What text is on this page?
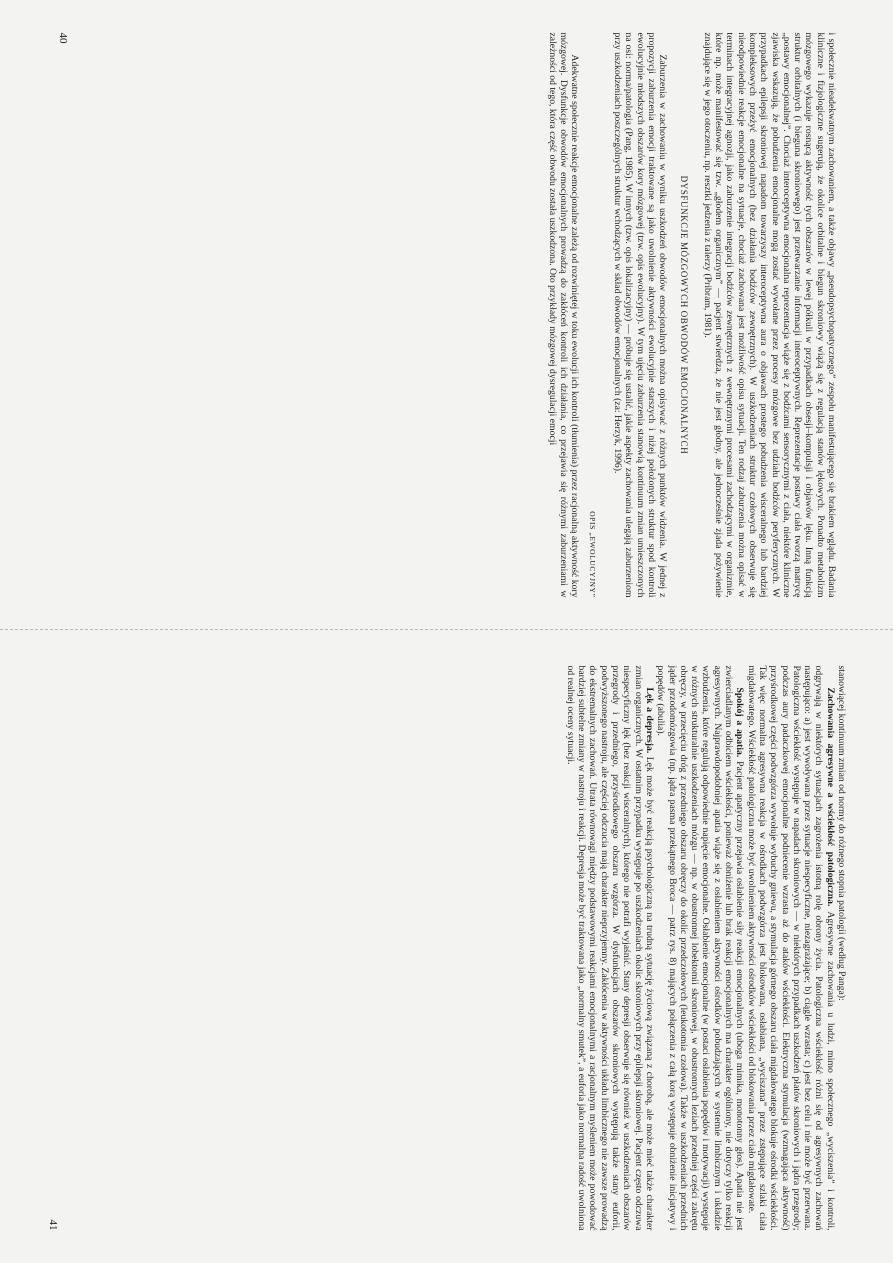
i społecznie nieadekwatnym zachowaniem, a także objawy „pseudopsychopatycznego” zespołu manifestującego się brakiem wglądu. Badania kliniczne i fizjologiczne sugerują, że okolice orbitalne i biegun skroniowy wiążą się z regulacją stanów lękowych. Ponadto metabolizm mózgowego wykazuje rosnącą aktywność tych obszarów w lewej półkuli w przypadkach obsesji–kompulsji i objawów lęku. Inną funkcją struktur orbitalnych (i bieguna skroniowego) jest przetwarzanie informacji interoceptywnych. Reprezentacje postawy ciała tworzą matrycę „postawy emocjonalnej”. Chociaż interoceptywna emocjonalna reprezentacja wiąże się z bodźcami sensorycznymi z ciała, niektóre kliniczne zjawiska wskazują, że pobudzenia emocjonalne mogą zostać wywołane przez procesy mózgowe bez udziału bodźców peryferycznych. W przypadkach epilepsji skroniowej napadom towarzyszy interoceptywna aura o objawach prostego pobudzenia wisceralnego lub bardziej kompleksowych przeżyć emocjonalnych (bez działania bodźców zewnętrznych). W uszkodzeniach struktur czołowych obserwuje się nieodpowiednie reakcje emocjonalne na sytuacje, chociaż zachowana jest możliwość opisu sytuacji. Ten rodzaj zaburzenia można opisać w terminach integracyjnej agnozji, jako zaburzenie integracji bodźców zewnętrznych z wewnętrznymi procesami zachodzącymi w organizmie, które np. może manifestować się tzw. „głodem organicznym” — pacjent stwierdza, że nie jest głodny, ale jednocześnie zjada pożywienie znajdujące się w jego otoczeniu, np. resztki jedzenia z talerzy (Pribram, 1981).

DYSFUNKCJE MÓZGOWYCH OBWODÓW EMOCJONALNYCH

Zaburzenia w zachowaniu w wyniku uszkodzeń obwodów emocjonalnych można opisywać z różnych punktów widzenia. W jednej z propozycji zaburzenia emocji traktowane są jako uwolnienie aktywności ewolucyjnie starszych i niżej położonych struktur spod kontroli ewolucyjnie młodszych obszarów kory mózgowej (tzw. opis ewolucyjny). W tym ujęciu zaburzenia stanowią kontinuum zmian umieszczonych na osi: norma/patologia (Pang, 1985). W innych (tzw. opis lokalizacyjny) — próbuje się ustalić, jakie aspekty zachowania ulegają zaburzeniom przy uszkodzeniach poszczególnych struktur wchodzących w skład obwodów emocjonalnych (za: Herzyk, 1996).

OPIS „EWOLUCYJNY”

Adekwatne społecznie reakcje emocjonalne zależą od rozwiniętej w toku ewolucji ich kontroli (tłumienia) przez racjonalną aktywność kory mózgowej. Dysfunkcje obwodów emocjonalnych prowadzą do zakłóceń kontroli ich działania, co przejawia się różnymi zaburzeniami w zależności od tego, która część obwodu została uszkodzona. Oto przykłady mózgowej dysregulacji emocji

40

stanowiącej kontinuum zmian od normy do różnego stopnia patologii (według Panga):

Zachowania agresywne a wściekłość patologiczna. Agresywne zachowania u ludzi, mimo społecznego „wyciszenia” i kontroli, odgrywają w niektórych sytuacjach zagrożenia istotną rolę obrony życia. Patologiczna wściekłość różni się od agresywnych zachowań następująco: a) jest wywoływana przez sytuacje niespecyficzne, niezagrażające; b) ciągle wzrasta; c) jest bez celu i nie może być przerwana. Patologiczna wściekłość występuje w napadach skroniowych — w niektórych przypadkach uszkodzeń płatów skroniowych i jądra przegrody; podczas aury padaczkowej emocjonalne podniecenie wzrasta aż do ataków wściekłości. Elektryczna stymulacja (wzmagająca aktywność) przyśrodkowej części podwzgórza wywołuje wybuchy gniewu, a stymulacja górnego obszaru ciała migdałowatego blokuje ośrodki wściekłości. Tak więc normalna agresywna reakcja w ośrodkach podwzgórza jest blokowana, osłabiana, „wyciszana” przez zstępujące szlaki ciała migdałowatego. Wściekłość patologiczna może być uwolnieniem aktywności ośrodków wściekłości od blokowania przez ciało migdałowate.

Spokój a apatia. Pacjent apatyczny przejawia osłabienie siły reakcji emocjonalnych (uboga mimika, monotonny głos). Apatia nie jest zwierciadlanym odbiciem wściekłości, ponieważ obniżenie lub brak reakcji emocjonalnych ma charakter ogólniony, nie dotyczy tylko reakcji agresywnych. Najprawdopodobniej apatia wiąże się z osłabieniem aktywności ośrodków pobudzających w systemie limbicznym i układzie wzbudzenia, które regulują odpowiednie napięcie emocjonalne. Osłabienie emocjonalne (w postaci osłabienia popędów i motywacji) występuje w różnych strukturalnie uszkodzeniach mózgu — np. w obustronnej lobektomii skroniowej, w obustronnych leziach przedniej części zakrętu obręczy, w przecięciu dróg z przedniego obszaru obręczy do okolic przedczołowych (leukotomia czołowa). Także w uszkodzeniach przednich jąder przodomózgowia (np. jądra pasma przekątnego Broca — patrz rys. 8) mających połączenia z całą korą występuje obniżenie inicjatywy i popędów (abulia).

Lęk a depresja. Lęk może być reakcją psychologiczną na trudną sytuację życiową związaną z chorobą, ale może mieć także charakter zmian organicznych. W ostatnim przypadku występuje po uszkodzeniach okolic skroniowych przy epilepsji skroniowej. Pacjent często odczuwa niespecyficzny lęk (bez reakcji wisceralnych), którego nie potrafi wyjaśnić. Stany depresji obserwuje się również w uszkodzeniach obszarów przegrody i przedniego, przyśrodkowego obszaru wzgórza. W dysfunkcjach obszarów skroniowych występują także stany euforii, podwyższonego nastroju, ale częściej odczucia mają charakter nieprzyjemny. Zakłócenia w aktywności układu limbicznego nie zawsze prowadzą do ekstremalnych zachowań. Utrata równowagi między podstawowymi reakcjami emocjonalnymi a racjonalnym myśleniem może powodować bardziej subtelne zmiany w nastroju i reakcji. Depresja może być traktowana jako „normalny smutek”, a euforia jako normalna radość uwolniona od realnej oceny sytuacji.

41
